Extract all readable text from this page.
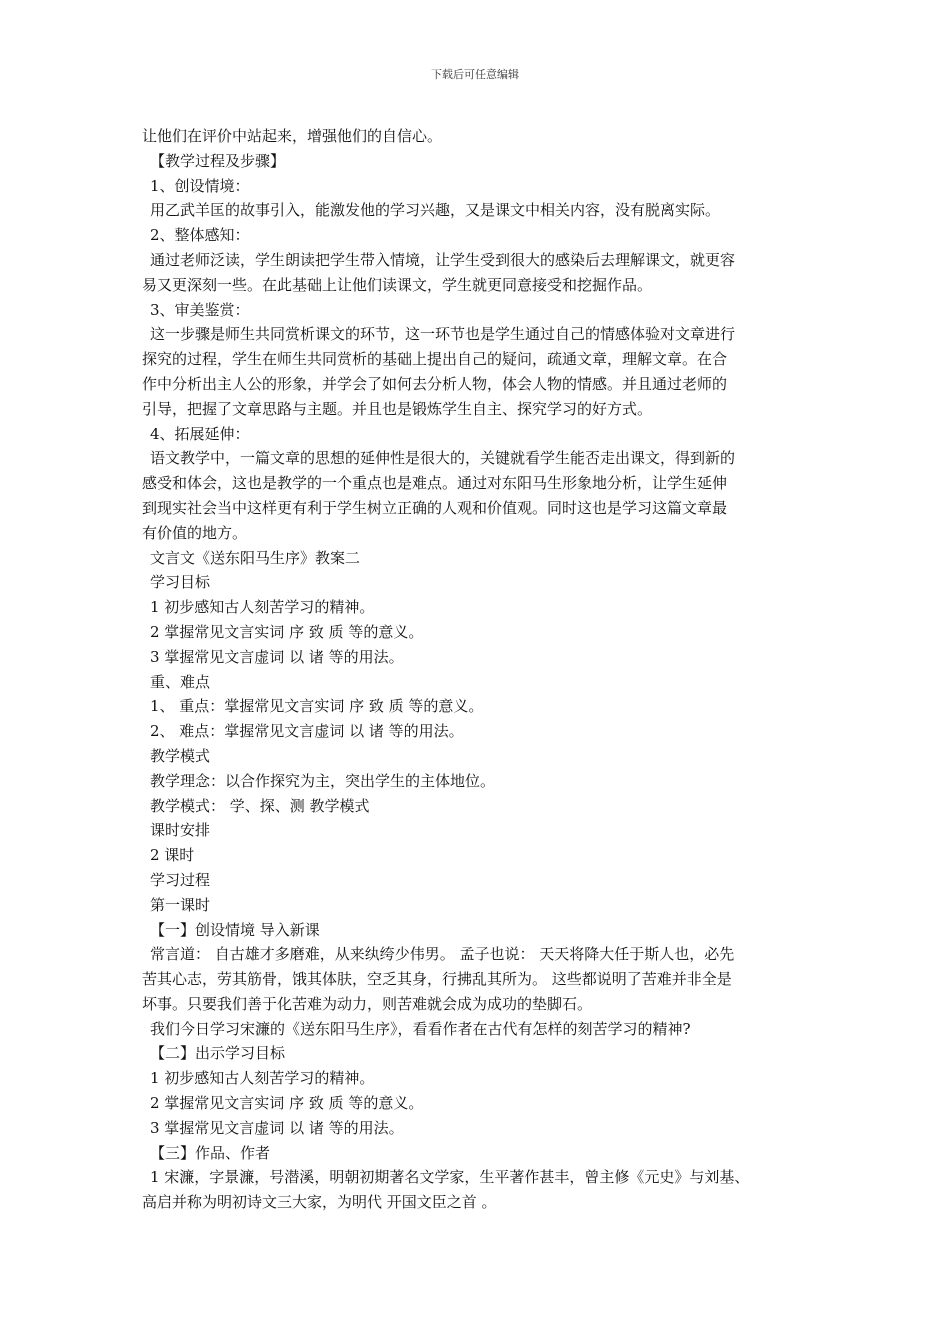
下载后可任意编辑

让他们在评价中站起来，增强他们的自信心。

【教学过程及步骤】

1、创设情境：

用乙武羊匡的故事引入，能激发他的学习兴趣，又是课文中相关内容，没有脱离实际。

2、整体感知：

通过老师泛读，学生朗读把学生带入情境，让学生受到很大的感染后去理解课文，就更容

易又更深刻一些。在此基础上让他们读课文，学生就更同意接受和挖掘作品。

3、审美鉴赏：

这一步骤是师生共同赏析课文的环节，这一环节也是学生通过自己的情感体验对文章进行

探究的过程，学生在师生共同赏析的基础上提出自己的疑问，疏通文章，理解文章。在合

作中分析出主人公的形象，并学会了如何去分析人物，体会人物的情感。并且通过老师的

引导，把握了文章思路与主题。并且也是锻炼学生自主、探究学习的好方式。

4、拓展延伸：

语文教学中，一篇文章的思想的延伸性是很大的，关键就看学生能否走出课文，得到新的

感受和体会，这也是教学的一个重点也是难点。通过对东阳马生形象地分析，让学生延伸

到现实社会当中这样更有利于学生树立正确的人观和价值观。同时这也是学习这篇文章最

有价值的地方。

文言文《送东阳马生序》教案二

学习目标

1 初步感知古人刻苦学习的精神。

2 掌握常见文言实词 序 致 质 等的意义。

3 掌握常见文言虚词 以 诸 等的用法。

重、难点

1、 重点：掌握常见文言实词 序 致 质 等的意义。

2、 难点：掌握常见文言虚词 以 诸 等的用法。

教学模式

教学理念：以合作探究为主，突出学生的主体地位。

教学模式： 学、探、测 教学模式

课时安排

2 课时

学习过程

第一课时

【一】创设情境 导入新课

常言道： 自古雄才多磨难，从来纨绔少伟男。 孟子也说： 天天将降大任于斯人也，必先

苦其心志，劳其筋骨，饿其体肤，空乏其身，行拂乱其所为。 这些都说明了苦难并非全是

坏事。只要我们善于化苦难为动力，则苦难就会成为成功的垫脚石。

我们今日学习宋濂的《送东阳马生序》，看看作者在古代有怎样的刻苦学习的精神?

【二】出示学习目标

1 初步感知古人刻苦学习的精神。

2 掌握常见文言实词 序 致 质 等的意义。

3 掌握常见文言虚词 以 诸 等的用法。

【三】作品、作者

1 宋濂，字景濂，号潜溪，明朝初期著名文学家，生平著作甚丰，曾主修《元史》与刘基、

高启并称为明初诗文三大家，为明代 开国文臣之首 。
